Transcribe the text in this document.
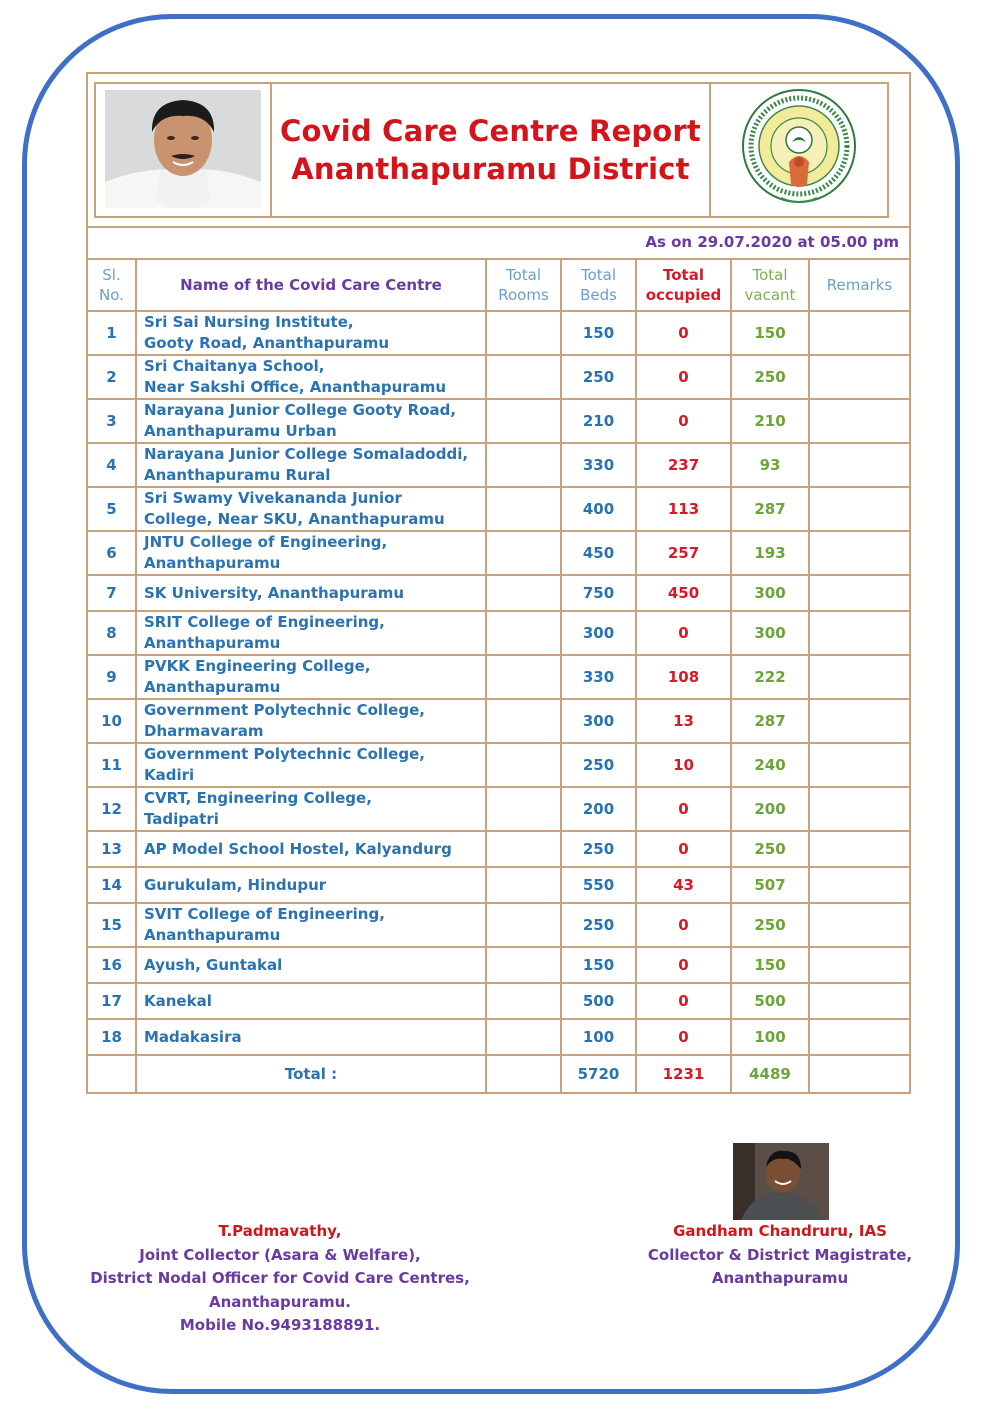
Covid Care Centre Report
Ananthapuramu District
As on 29.07.2020 at 05.00 pm
Sl. No.	Name of the Covid Care Centre	Total Rooms	Total Beds	Total occupied	Total vacant	Remarks
1	Sri Sai Nursing Institute,
Gooty Road, Ananthapuramu		150	0	150	
2	Sri Chaitanya School,
Near Sakshi Office, Ananthapuramu		250	0	250	
3	Narayana Junior College Gooty Road,
Ananthapuramu Urban		210	0	210	
4	Narayana Junior College Somaladoddi,
Ananthapuramu Rural		330	237	93	
5	Sri Swamy Vivekananda Junior
College, Near SKU, Ananthapuramu		400	113	287	
6	JNTU College of Engineering,
Ananthapuramu		450	257	193	
7	SK University, Ananthapuramu		750	450	300	
8	SRIT College of Engineering,
Ananthapuramu		300	0	300	
9	PVKK Engineering College,
Ananthapuramu		330	108	222	
10	Government Polytechnic College,
Dharmavaram		300	13	287	
11	Government Polytechnic College,
Kadiri		250	10	240	
12	CVRT, Engineering College,
Tadipatri		200	0	200	
13	AP Model School Hostel, Kalyandurg		250	0	250	
14	Gurukulam, Hindupur		550	43	507	
15	SVIT College of Engineering,
Ananthapuramu		250	0	250	
16	Ayush, Guntakal		150	0	150	
17	Kanekal		500	0	500	
18	Madakasira		100	0	100	
	Total :		5720	1231	4489	
T.Padmavathy,
Joint Collector (Asara & Welfare),
District Nodal Officer for Covid Care Centres,
Ananthapuramu.
Mobile No.9493188891.
Gandham Chandruru, IAS
Collector & District Magistrate,
Ananthapuramu
